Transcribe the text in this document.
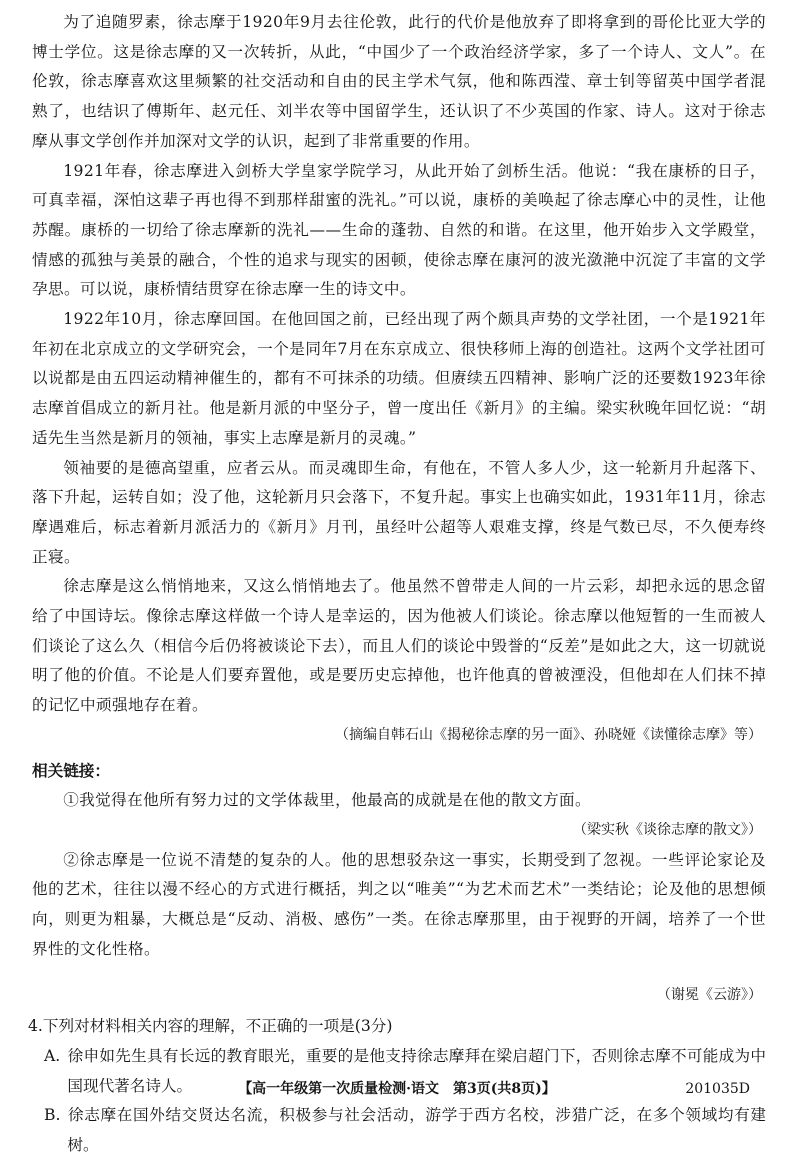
为了追随罗素，徐志摩于1920年9月去往伦敦，此行的代价是他放弃了即将拿到的哥伦比亚大学的博士学位。这是徐志摩的又一次转折，从此，“中国少了一个政治经济学家，多了一个诗人、文人”。在伦敦，徐志摩喜欢这里频繁的社交活动和自由的民主学术气氛，他和陈西滢、章士钊等留英中国学者混熟了，也结识了傅斯年、赵元任、刘半农等中国留学生，还认识了不少英国的作家、诗人。这对于徐志摩从事文学创作并加深对文学的认识，起到了非常重要的作用。

1921年春，徐志摩进入剑桥大学皇家学院学习，从此开始了剑桥生活。他说：“我在康桥的日子，可真幸福，深怕这辈子再也得不到那样甜蜜的洗礼。”可以说，康桥的美唤起了徐志摩心中的灵性，让他苏醒。康桥的一切给了徐志摩新的洗礼——生命的蓬勃、自然的和谐。在这里，他开始步入文学殿堂，情感的孤独与美景的融合，个性的追求与现实的困顿，使徐志摩在康河的波光潋滟中沉淀了丰富的文学孕思。可以说，康桥情结贯穿在徐志摩一生的诗文中。

1922年10月，徐志摩回国。在他回国之前，已经出现了两个颇具声势的文学社团，一个是1921年年初在北京成立的文学研究会，一个是同年7月在东京成立、很快移师上海的创造社。这两个文学社团可以说都是由五四运动精神催生的，都有不可抹杀的功绩。但赓续五四精神、影响广泛的还要数1923年徐志摩首倡成立的新月社。他是新月派的中坚分子，曾一度出任《新月》的主编。梁实秋晚年回忆说：“胡适先生当然是新月的领袖，事实上志摩是新月的灵魂。”

领袖要的是德高望重，应者云从。而灵魂即生命，有他在，不管人多人少，这一轮新月升起落下、落下升起，运转自如；没了他，这轮新月只会落下，不复升起。事实上也确实如此，1931年11月，徐志摩遇难后，标志着新月派活力的《新月》月刊，虽经叶公超等人艰难支撑，终是气数已尽，不久便寿终正寝。

徐志摩是这么悄悄地来，又这么悄悄地去了。他虽然不曾带走人间的一片云彩，却把永远的思念留给了中国诗坛。像徐志摩这样做一个诗人是幸运的，因为他被人们谈论。徐志摩以他短暂的一生而被人们谈论了这么久（相信今后仍将被谈论下去），而且人们的谈论中毁誉的“反差”是如此之大，这一切就说明了他的价值。不论是人们要弃置他，或是要历史忘掉他，也许他真的曾被湮没，但他却在人们抹不掉的记忆中顽强地存在着。

（摘编自韩石山《揭秘徐志摩的另一面》、孙晓娅《读懂徐志摩》等）

相关链接：

①我觉得在他所有努力过的文学体裁里，他最高的成就是在他的散文方面。

（梁实秋《谈徐志摩的散文》）

②徐志摩是一位说不清楚的复杂的人。他的思想驳杂这一事实，长期受到了忽视。一些评论家论及他的艺术，往往以漫不经心的方式进行概括，判之以“唯美”“为艺术而艺术”一类结论；论及他的思想倾向，则更为粗暴，大概总是“反动、消极、感伤”一类。在徐志摩那里，由于视野的开阔，培养了一个世界性的文化性格。

（谢冕《云游》）

4.下列对材料相关内容的理解，不正确的一项是(3分)

A. 徐申如先生具有长远的教育眼光，重要的是他支持徐志摩拜在梁启超门下，否则徐志摩不可能成为中国现代著名诗人。

B. 徐志摩在国外结交贤达名流，积极参与社会活动，游学于西方名校，涉猎广泛，在多个领域均有建树。

【高一年级第一次质量检测·语文　第3页(共8页)】	201035D
